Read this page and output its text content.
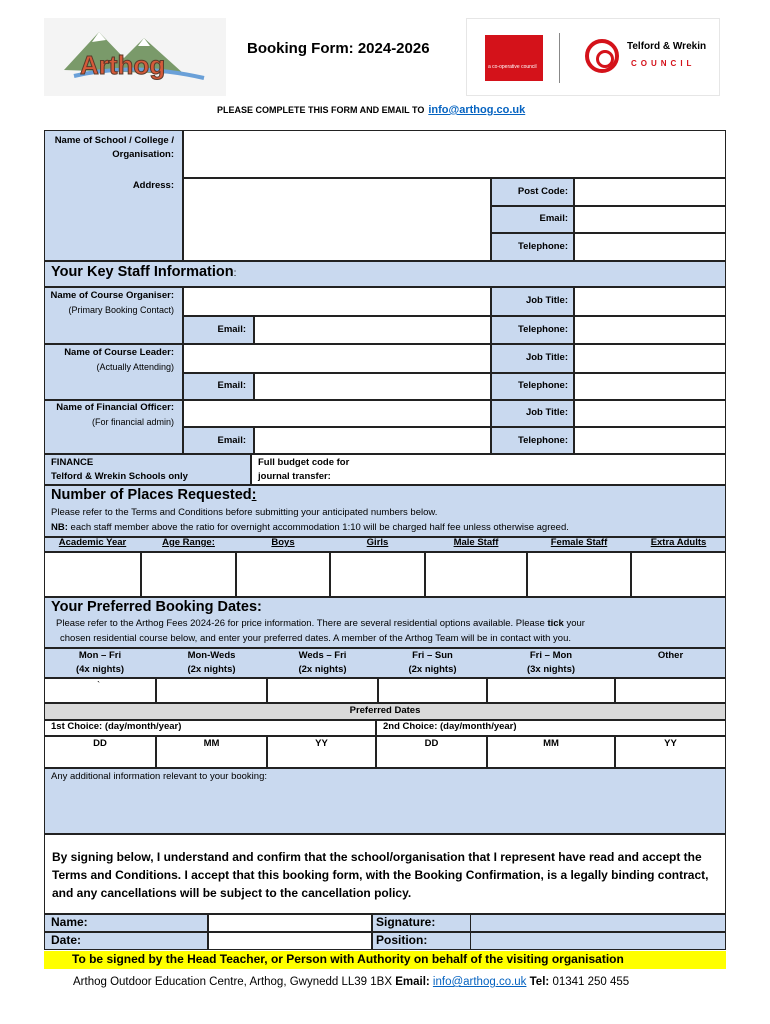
Arthog
Booking Form: 2024-2026
a co-operative council
Telford & Wrekin
COUNCIL
PLEASE COMPLETE THIS FORM AND EMAIL TO info@arthog.co.uk
Name of School / College / Organisation:
Address:
Post Code:
Email:
Telephone:
Your Key Staff Information:
Name of Course Organiser:
(Primary Booking Contact)
Email:
Job Title:
Telephone:
Name of Course Leader:
(Actually Attending)
Email:
Job Title:
Telephone:
Name of Financial Officer:
(For financial admin)
Email:
Job Title:
Telephone:
FINANCE
Telford & Wrekin Schools only
Full budget code for
journal transfer:
Number of Places Requested:
Please refer to the Terms and Conditions before submitting your anticipated numbers below.
NB: each staff member above the ratio for overnight accommodation 1:10 will be charged half fee unless otherwise agreed.
Academic Year	Age Range:	Boys	Girls	Male Staff	Female Staff	Extra Adults
Your Preferred Booking Dates:
Please refer to the Arthog Fees 2024-26 for price information. There are several residential options available. Please tick your
chosen residential course below, and enter your preferred dates. A member of the Arthog Team will be in contact with you.
Mon – Fri
(4x nights)
Mon-Weds
(2x nights)
Weds – Fri
(2x nights)
Fri – Sun
(2x nights)
Fri – Mon
(3x nights)
Other
`
Preferred Dates
1st Choice: (day/month/year)	2nd Choice: (day/month/year)
DD	MM	YY	DD	MM	YY
Any additional information relevant to your booking:
By signing below, I understand and confirm that the school/organisation that I represent have read and accept the Terms and Conditions. I accept that this booking form, with the Booking Confirmation, is a legally binding contract, and any cancellations will be subject to the cancellation policy.
Name:	Signature:
Date:	Position:
To be signed by the Head Teacher, or Person with Authority on behalf of the visiting organisation
Arthog Outdoor Education Centre, Arthog, Gwynedd LL39 1BX Email: info@arthog.co.uk Tel: 01341 250 455
